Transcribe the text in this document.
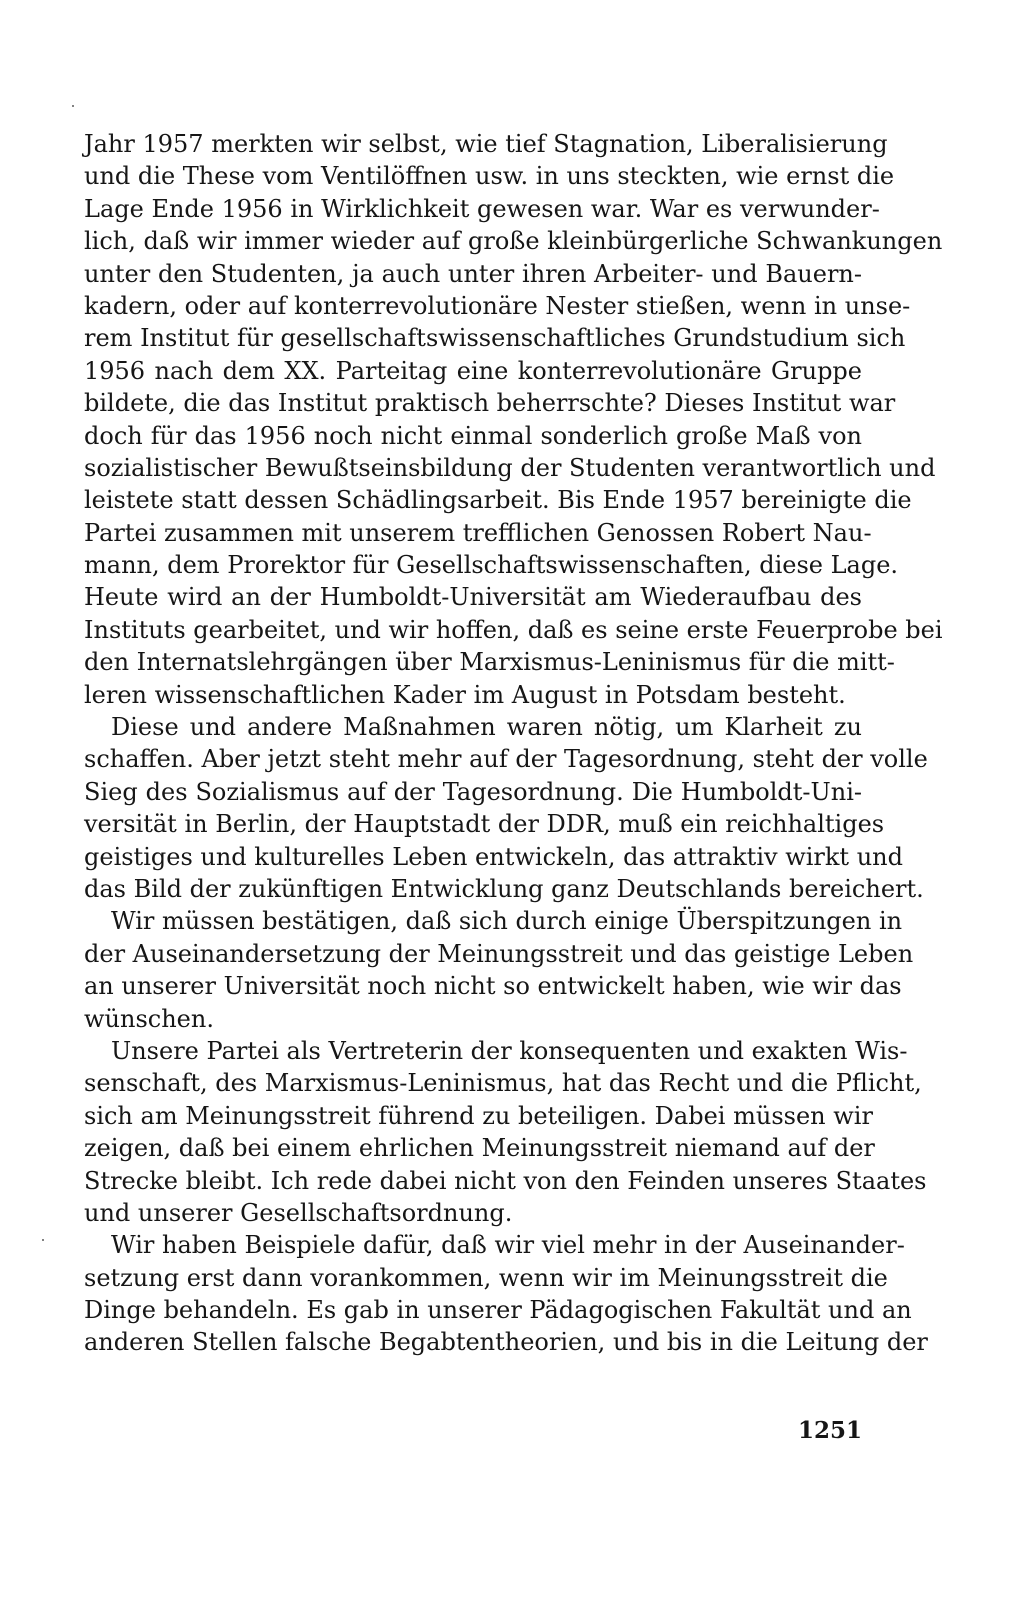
Jahr 1957 merkten wir selbst, wie tief Stagnation, Liberalisierung
und die These vom Ventilöffnen usw. in uns steckten, wie ernst die
Lage Ende 1956 in Wirklichkeit gewesen war. War es verwunder-
lich, daß wir immer wieder auf große kleinbürgerliche Schwankungen
unter den Studenten, ja auch unter ihren Arbeiter- und Bauern-
kadern, oder auf konterrevolutionäre Nester stießen, wenn in unse-
rem Institut für gesellschaftswissenschaftliches Grundstudium sich
1956 nach dem XX. Parteitag eine konterrevolutionäre Gruppe
bildete, die das Institut praktisch beherrschte? Dieses Institut war
doch für das 1956 noch nicht einmal sonderlich große Maß von
sozialistischer Bewußtseinsbildung der Studenten verantwortlich und
leistete statt dessen Schädlingsarbeit. Bis Ende 1957 bereinigte die
Partei zusammen mit unserem trefflichen Genossen Robert Nau-
mann, dem Prorektor für Gesellschaftswissenschaften, diese Lage.
Heute wird an der Humboldt-Universität am Wiederaufbau des
Instituts gearbeitet, und wir hoffen, daß es seine erste Feuerprobe bei
den Internatslehrgängen über Marxismus-Leninismus für die mitt-
leren wissenschaftlichen Kader im August in Potsdam besteht.
Diese und andere Maßnahmen waren nötig, um Klarheit zu
schaffen. Aber jetzt steht mehr auf der Tagesordnung, steht der volle
Sieg des Sozialismus auf der Tagesordnung. Die Humboldt-Uni-
versität in Berlin, der Hauptstadt der DDR, muß ein reichhaltiges
geistiges und kulturelles Leben entwickeln, das attraktiv wirkt und
das Bild der zukünftigen Entwicklung ganz Deutschlands bereichert.
Wir müssen bestätigen, daß sich durch einige Überspitzungen in
der Auseinandersetzung der Meinungsstreit und das geistige Leben
an unserer Universität noch nicht so entwickelt haben, wie wir das
wünschen.
Unsere Partei als Vertreterin der konsequenten und exakten Wis-
senschaft, des Marxismus-Leninismus, hat das Recht und die Pflicht,
sich am Meinungsstreit führend zu beteiligen. Dabei müssen wir
zeigen, daß bei einem ehrlichen Meinungsstreit niemand auf der
Strecke bleibt. Ich rede dabei nicht von den Feinden unseres Staates
und unserer Gesellschaftsordnung.
Wir haben Beispiele dafür, daß wir viel mehr in der Auseinander-
setzung erst dann vorankommen, wenn wir im Meinungsstreit die
Dinge behandeln. Es gab in unserer Pädagogischen Fakultät und an
anderen Stellen falsche Begabtentheorien, und bis in die Leitung der
1251
